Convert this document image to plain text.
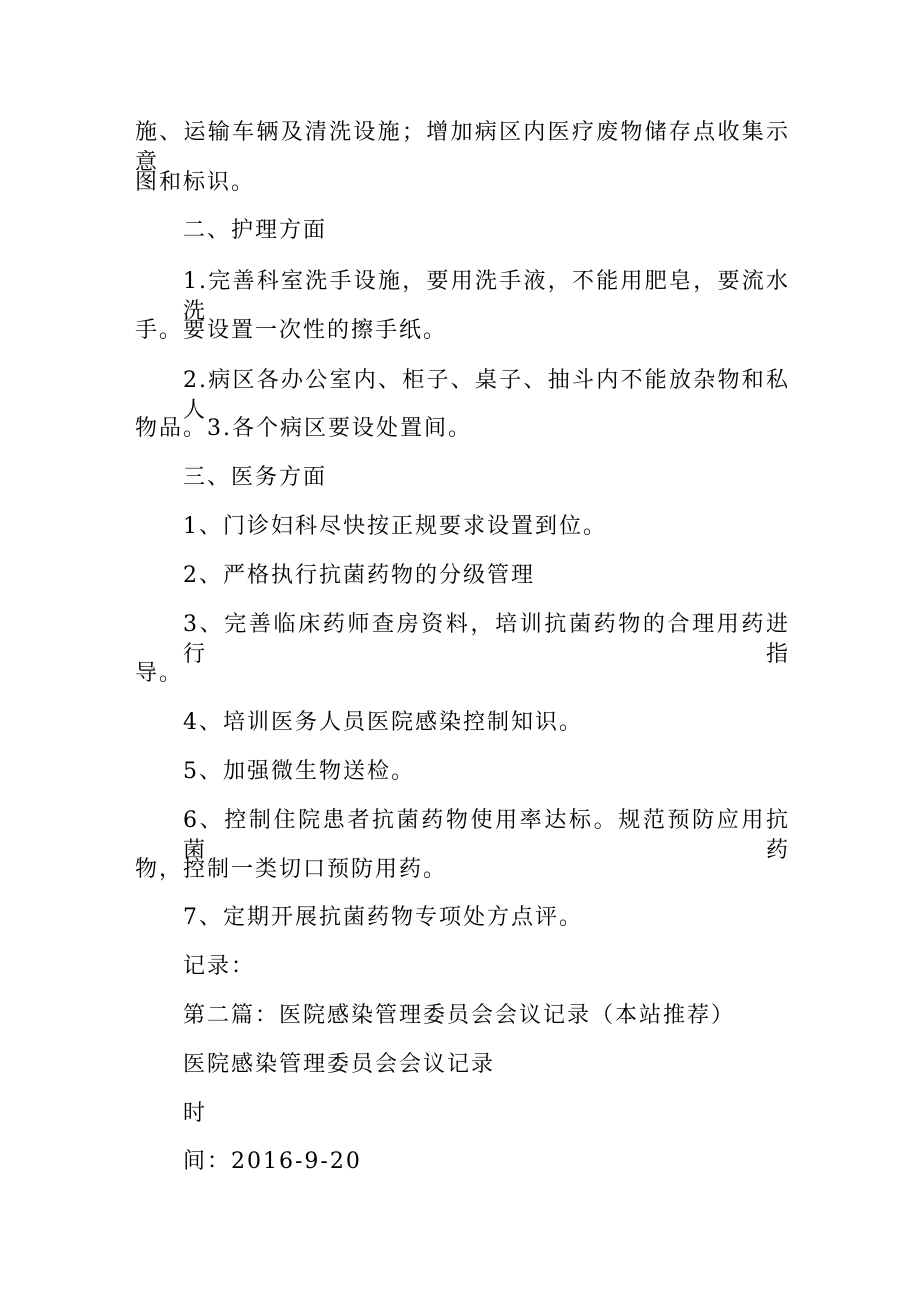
施、运输车辆及清洗设施；增加病区内医疗废物储存点收集示意
图和标识。
二、护理方面
1.完善科室洗手设施，要用洗手液，不能用肥皂，要流水洗
手。要设置一次性的擦手纸。
2.病区各办公室内、柜子、桌子、抽斗内不能放杂物和私人
物品。3.各个病区要设处置间。
三、医务方面
1、门诊妇科尽快按正规要求设置到位。
2、严格执行抗菌药物的分级管理
3、完善临床药师查房资料，培训抗菌药物的合理用药进行指
导。
4、培训医务人员医院感染控制知识。
5、加强微生物送检。
6、控制住院患者抗菌药物使用率达标。规范预防应用抗菌药
物，控制一类切口预防用药。
7、定期开展抗菌药物专项处方点评。
记录：
第二篇：医院感染管理委员会会议记录（本站推荐）
医院感染管理委员会会议记录
时
间：2016-9-20
